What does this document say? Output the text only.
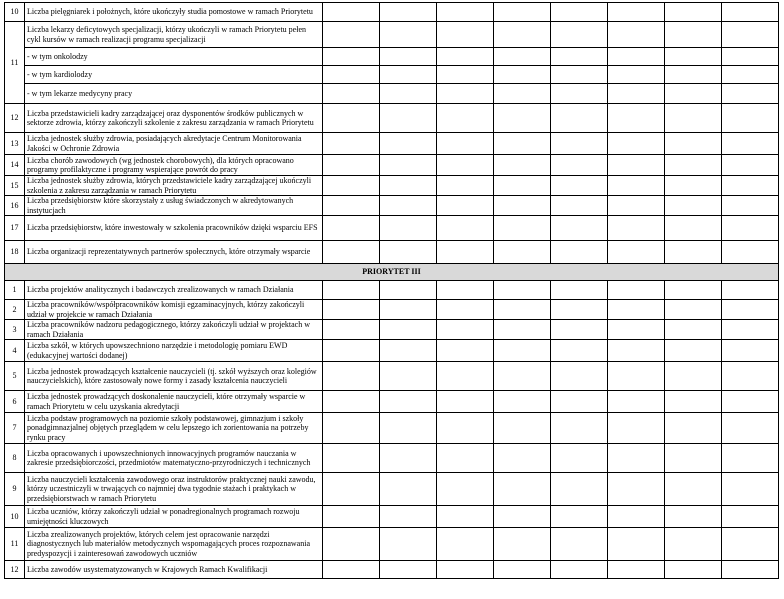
10	Liczba pielęgniarek i położnych, które ukończyły studia pomostowe w ramach Priorytetu								
11	Liczba lekarzy deficytowych specjalizacji, którzy ukończyli w ramach Priorytetu pełen cykl kursów w ramach realizacji programu specjalizacji								
	- w tym onkolodzy								
	- w tym kardiolodzy								
	- w tym lekarze medycyny pracy								
12	Liczba przedstawicieli kadry zarządzającej oraz dysponentów środków publicznych w sektorze zdrowia, którzy zakończyli szkolenie z zakresu zarządzania w ramach Priorytetu								
13	Liczba jednostek służby zdrowia, posiadających akredytacje Centrum Monitorowania Jakości w Ochronie Zdrowia								
14	Liczba chorób zawodowych (wg jednostek chorobowych), dla których opracowano programy profilaktyczne i programy wspierające powrót do pracy								
15	Liczba jednostek służby zdrowia, których przedstawiciele kadry zarządzającej ukończyli szkolenia z zakresu zarządzania w ramach Priorytetu								
16	Liczba przedsiębiorstw które skorzystały z usług świadczonych w akredytowanych instytucjach								
17	Liczba przedsiębiorstw, które inwestowały w szkolenia pracowników dzięki wsparciu EFS								
18	Liczba organizacji reprezentatywnych partnerów społecznych, które otrzymały wsparcie								
PRIORYTET III									
1	Liczba projektów analitycznych i badawczych zrealizowanych w ramach Działania								
2	Liczba pracowników/współpracowników komisji egzaminacyjnych, którzy zakończyli udział w projekcie w ramach Działania								
3	Liczba pracowników nadzoru pedagogicznego, którzy zakończyli udział w projektach w ramach Działania								
4	Liczba szkół, w których upowszechniono narzędzie i metodologię pomiaru EWD (edukacyjnej wartości dodanej)								
5	Liczba jednostek prowadzących kształcenie nauczycieli (tj. szkół wyższych oraz kolegiów nauczycielskich), które zastosowały nowe formy i zasady kształcenia nauczycieli								
6	Liczba jednostek prowadzących doskonalenie nauczycieli, które otrzymały wsparcie w ramach Priorytetu w celu uzyskania akredytacji								
7	Liczba podstaw programowych na poziomie szkoły podstawowej, gimnazjum i szkoły ponadgimnazjalnej objętych przeglądem w celu lepszego ich zorientowania na potrzeby rynku pracy								
8	Liczba opracowanych i upowszechnionych innowacyjnych programów nauczania w zakresie przedsiębiorczości, przedmiotów matematyczno-przyrodniczych i technicznych								
9	Liczba nauczycieli kształcenia zawodowego oraz instruktorów praktycznej nauki zawodu, którzy uczestniczyli w trwających co najmniej dwa tygodnie stażach i praktykach w przedsiębiorstwach w ramach Priorytetu								
10	Liczba uczniów, którzy zakończyli udział w ponadregionalnych programach rozwoju umiejętności kluczowych								
11	Liczba zrealizowanych projektów, których celem jest opracowanie narzędzi diagnostycznych lub materiałów metodycznych wspomagających proces rozpoznawania predyspozycji i zainteresowań zawodowych uczniów								
12	Liczba zawodów usystematyzowanych w Krajowych Ramach Kwalifikacji								
